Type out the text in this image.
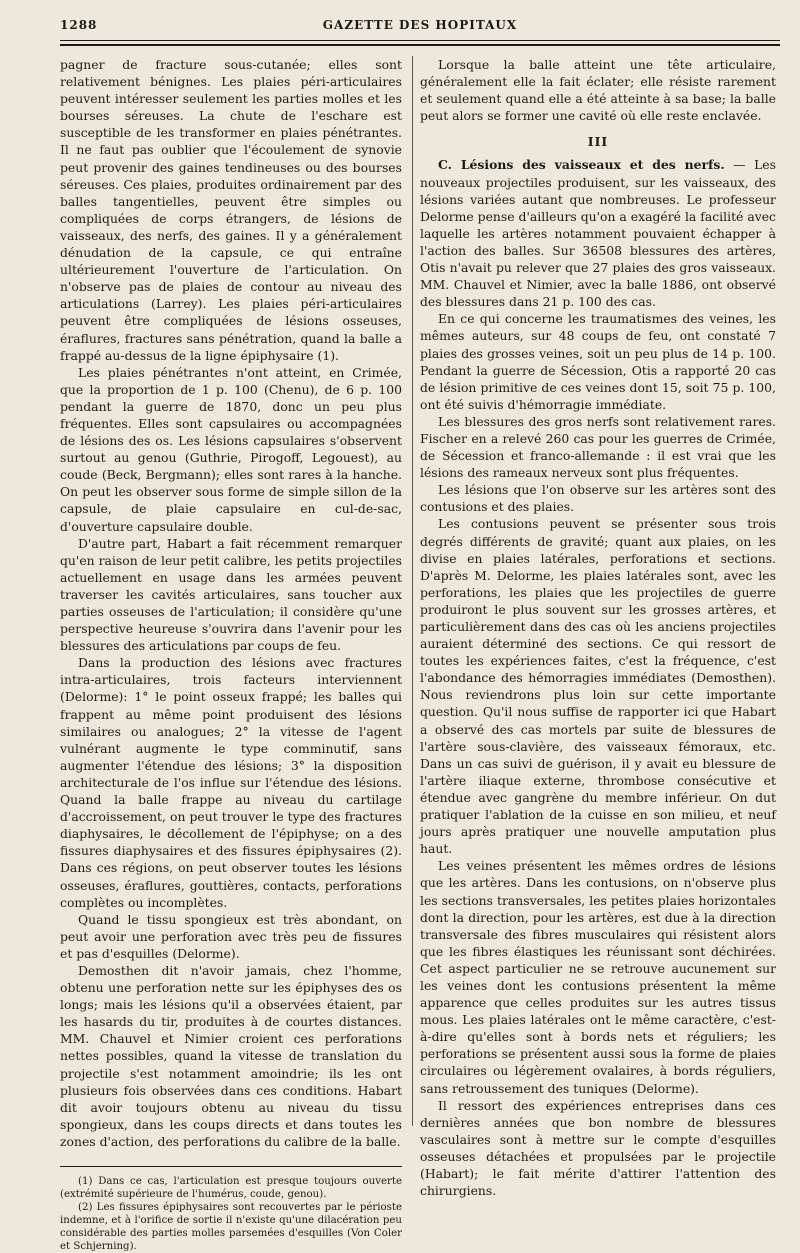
1288	GAZETTE DES HOPITAUX

pagner de fracture sous-cutanée; elles sont relativement bénignes. Les plaies péri-articulaires peuvent intéresser seulement les parties molles et les bourses séreuses. La chute de l'eschare est susceptible de les transformer en plaies pénétrantes. Il ne faut pas oublier que l'écoulement de synovie peut provenir des gaines tendineuses ou des bourses séreuses. Ces plaies, produites ordinairement par des balles tangentielles, peuvent être simples ou compliquées de corps étrangers, de lésions de vaisseaux, des nerfs, des gaines. Il y a généralement dénudation de la capsule, ce qui entraîne ultérieurement l'ouverture de l'articulation. On n'observe pas de plaies de contour au niveau des articulations (Larrey). Les plaies péri-articulaires peuvent être compliquées de lésions osseuses, éraflures, fractures sans pénétration, quand la balle a frappé au-dessus de la ligne épiphysaire (1).

Les plaies pénétrantes n'ont atteint, en Crimée, que la proportion de 1 p. 100 (Chenu), de 6 p. 100 pendant la guerre de 1870, donc un peu plus fréquentes. Elles sont capsulaires ou accompagnées de lésions des os. Les lésions capsulaires s'observent surtout au genou (Guthrie, Pirogoff, Legouest), au coude (Beck, Bergmann); elles sont rares à la hanche. On peut les observer sous forme de simple sillon de la capsule, de plaie capsulaire en cul-de-sac, d'ouverture capsulaire double.

D'autre part, Habart a fait récemment remarquer qu'en raison de leur petit calibre, les petits projectiles actuellement en usage dans les armées peuvent traverser les cavités articulaires, sans toucher aux parties osseuses de l'articulation; il considère qu'une perspective heureuse s'ouvrira dans l'avenir pour les blessures des articulations par coups de feu.

Dans la production des lésions avec fractures intra-articulaires, trois facteurs interviennent (Delorme): 1° le point osseux frappé; les balles qui frappent au même point produisent des lésions similaires ou analogues; 2° la vitesse de l'agent vulnérant augmente le type comminutif, sans augmenter l'étendue des lésions; 3° la disposition architecturale de l'os influe sur l'étendue des lésions. Quand la balle frappe au niveau du cartilage d'accroissement, on peut trouver le type des fractures diaphysaires, le décollement de l'épiphyse; on a des fissures diaphysaires et des fissures épiphysaires (2). Dans ces régions, on peut observer toutes les lésions osseuses, éraflures, gouttières, contacts, perforations complètes ou incomplètes.

Quand le tissu spongieux est très abondant, on peut avoir une perforation avec très peu de fissures et pas d'esquilles (Delorme).

Demosthen dit n'avoir jamais, chez l'homme, obtenu une perforation nette sur les épiphyses des os longs; mais les lésions qu'il a observées étaient, par les hasards du tir, produites à de courtes distances. MM. Chauvel et Nimier croient ces perforations nettes possibles, quand la vitesse de translation du projectile s'est notamment amoindrie; ils les ont plusieurs fois observées dans ces conditions. Habart dit avoir toujours obtenu au niveau du tissu spongieux, dans les coups directs et dans toutes les zones d'action, des perforations du calibre de la balle.

(1) Dans ce cas, l'articulation est presque toujours ouverte (extrémité supérieure de l'humérus, coude, genou).

(2) Les fissures épiphysaires sont recouvertes par le périoste indemne, et à l'orifice de sortie il n'existe qu'une dilacération peu considérable des parties molles parsemées d'esquilles (Von Coler et Schjerning).

Lorsque la balle atteint une tête articulaire, généralement elle la fait éclater; elle résiste rarement et seulement quand elle a été atteinte à sa base; la balle peut alors se former une cavité où elle reste enclavée.

III

C. Lésions des vaisseaux et des nerfs. — Les nouveaux projectiles produisent, sur les vaisseaux, des lésions variées autant que nombreuses. Le professeur Delorme pense d'ailleurs qu'on a exagéré la facilité avec laquelle les artères notamment pouvaient échapper à l'action des balles. Sur 36508 blessures des artères, Otis n'avait pu relever que 27 plaies des gros vaisseaux. MM. Chauvel et Nimier, avec la balle 1886, ont observé des blessures dans 21 p. 100 des cas.

En ce qui concerne les traumatismes des veines, les mêmes auteurs, sur 48 coups de feu, ont constaté 7 plaies des grosses veines, soit un peu plus de 14 p. 100. Pendant la guerre de Sécession, Otis a rapporté 20 cas de lésion primitive de ces veines dont 15, soit 75 p. 100, ont été suivis d'hémorragie immédiate.

Les blessures des gros nerfs sont relativement rares. Fischer en a relevé 260 cas pour les guerres de Crimée, de Sécession et franco-allemande : il est vrai que les lésions des rameaux nerveux sont plus fréquentes.

Les lésions que l'on observe sur les artères sont des contusions et des plaies.

Les contusions peuvent se présenter sous trois degrés différents de gravité; quant aux plaies, on les divise en plaies latérales, perforations et sections. D'après M. Delorme, les plaies latérales sont, avec les perforations, les plaies que les projectiles de guerre produiront le plus souvent sur les grosses artères, et particulièrement dans des cas où les anciens projectiles auraient déterminé des sections. Ce qui ressort de toutes les expériences faites, c'est la fréquence, c'est l'abondance des hémorragies immédiates (Demosthen). Nous reviendrons plus loin sur cette importante question. Qu'il nous suffise de rapporter ici que Habart a observé des cas mortels par suite de blessures de l'artère sous-clavière, des vaisseaux fémoraux, etc. Dans un cas suivi de guérison, il y avait eu blessure de l'artère iliaque externe, thrombose consécutive et étendue avec gangrène du membre inférieur. On dut pratiquer l'ablation de la cuisse en son milieu, et neuf jours après pratiquer une nouvelle amputation plus haut.

Les veines présentent les mêmes ordres de lésions que les artères. Dans les contusions, on n'observe plus les sections transversales, les petites plaies horizontales dont la direction, pour les artères, est due à la direction transversale des fibres musculaires qui résistent alors que les fibres élastiques les réunissant sont déchirées. Cet aspect particulier ne se retrouve aucunement sur les veines dont les contusions présentent la même apparence que celles produites sur les autres tissus mous. Les plaies latérales ont le même caractère, c'est-à-dire qu'elles sont à bords nets et réguliers; les perforations se présentent aussi sous la forme de plaies circulaires ou légèrement ovalaires, à bords réguliers, sans retroussement des tuniques (Delorme).

Il ressort des expériences entreprises dans ces dernières années que bon nombre de blessures vasculaires sont à mettre sur le compte d'esquilles osseuses détachées et propulsées par le projectile (Habart); le fait mérite d'attirer l'attention des chirurgiens.
